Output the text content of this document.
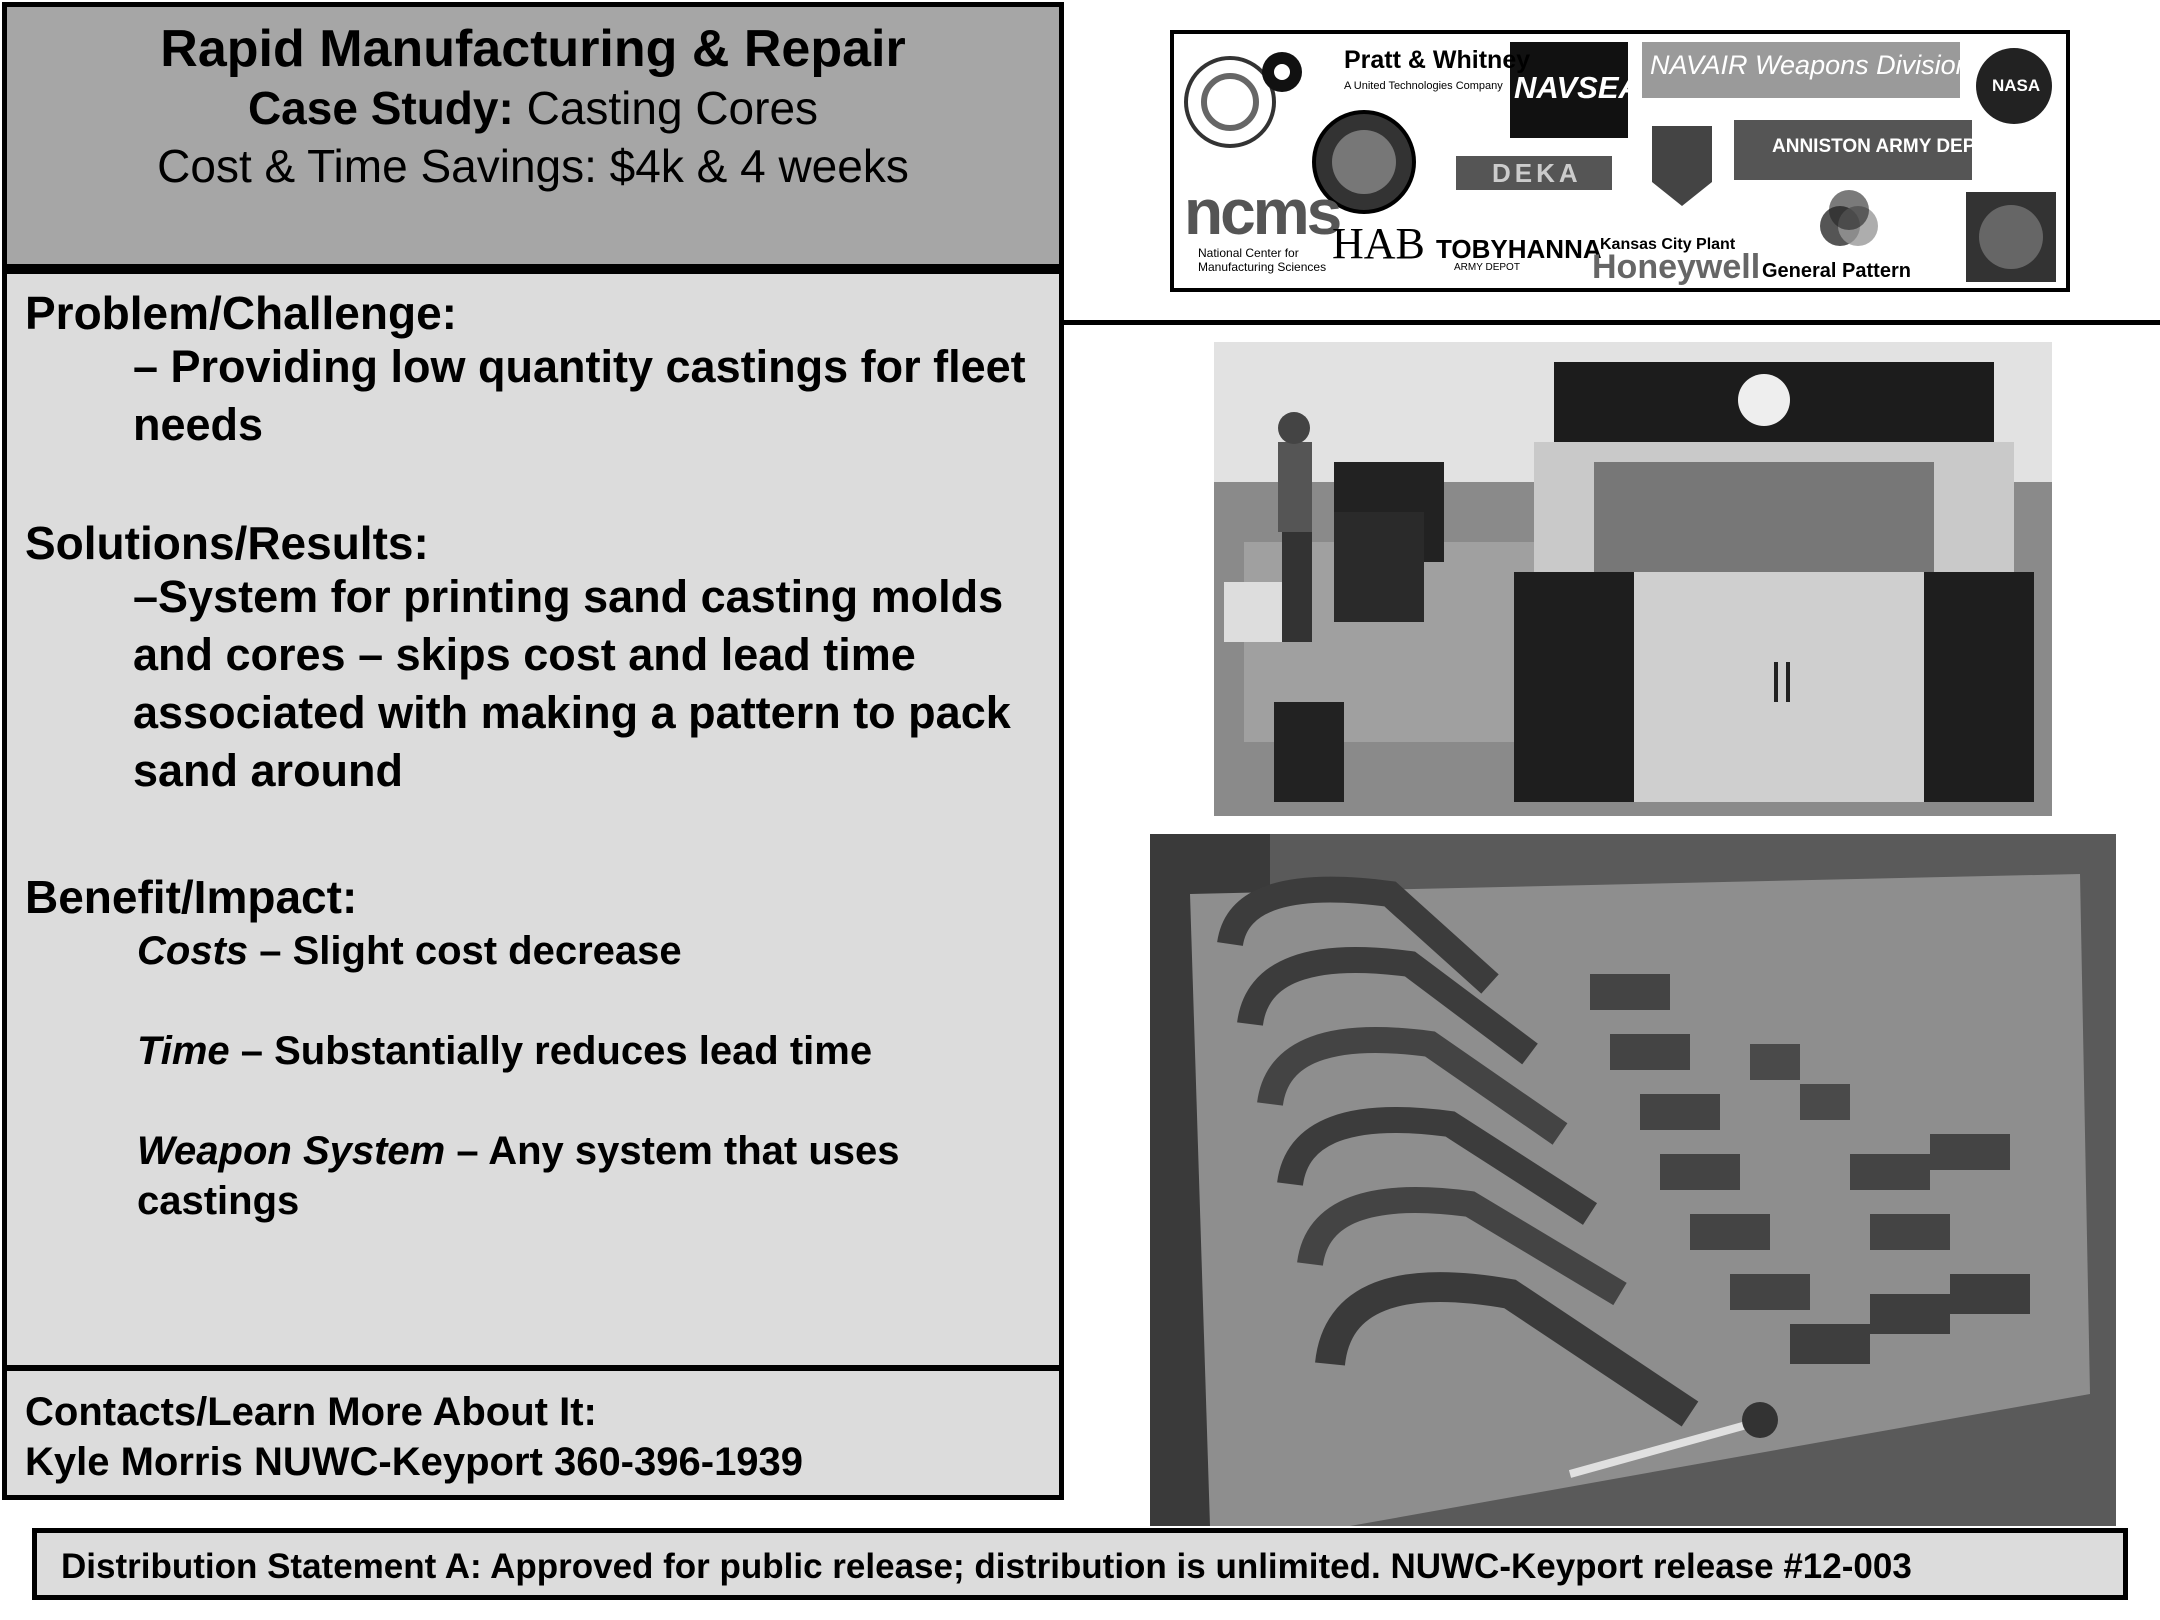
Rapid Manufacturing & Repair
Case Study: Casting Cores
Cost & Time Savings: $4k & 4 weeks
Problem/Challenge:
– Providing low quantity castings for fleet needs
Solutions/Results:
–System for printing sand casting molds and cores – skips cost and lead time associated with making a pattern to pack sand around
Benefit/Impact:
Costs – Slight cost decrease
Time – Substantially reduces lead time
Weapon System – Any system that uses castings
Contacts/Learn More About It:
Kyle Morris NUWC-Keyport 360-396-1939
Pratt & Whitney
A United Technologies Company NAVSEA
NAVAIR Weapons Division
NASA
DEKA
ANNISTON ARMY DEPOT
ncms
National Center for Manufacturing Sciences HAB TOBYHANNA
ARMY DEPOT
Kansas City Plant
Honeywell General Pattern
Distribution Statement A: Approved for public release; distribution is unlimited. NUWC-Keyport release #12-003
